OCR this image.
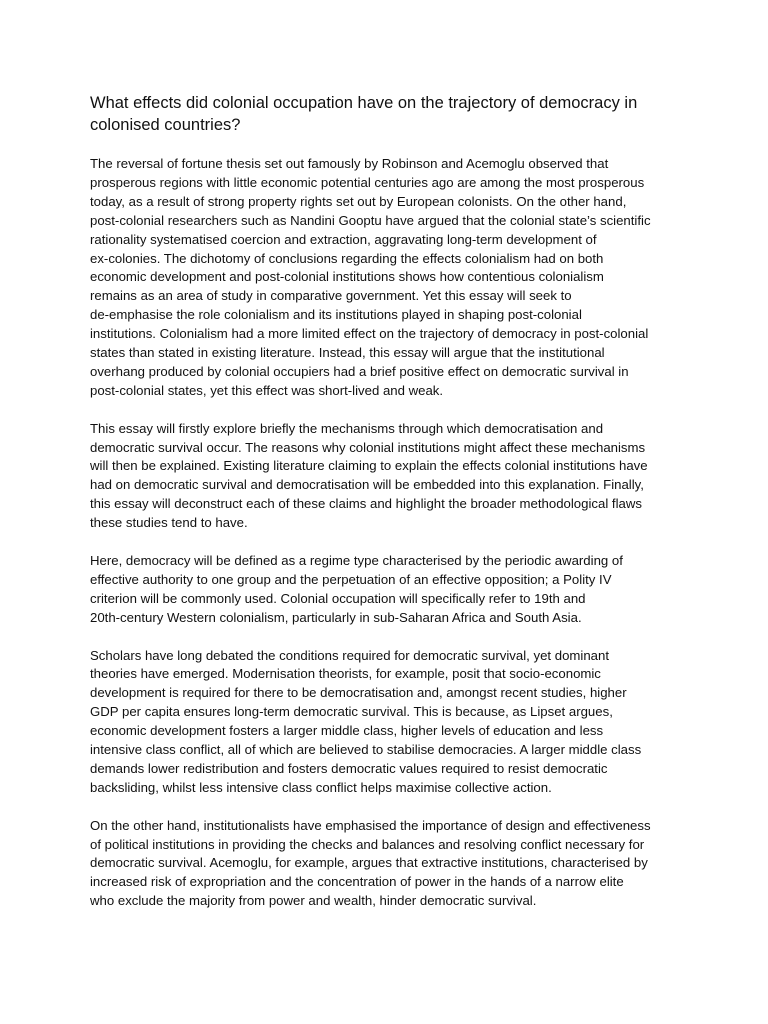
What effects did colonial occupation have on the trajectory of democracy in
colonised countries?

The reversal of fortune thesis set out famously by Robinson and Acemoglu observed that
prosperous regions with little economic potential centuries ago are among the most prosperous
today, as a result of strong property rights set out by European colonists. On the other hand,
post-colonial researchers such as Nandini Gooptu have argued that the colonial state’s scientific
rationality systematised coercion and extraction, aggravating long-term development of
ex-colonies. The dichotomy of conclusions regarding the effects colonialism had on both
economic development and post-colonial institutions shows how contentious colonialism
remains as an area of study in comparative government. Yet this essay will seek to
de-emphasise the role colonialism and its institutions played in shaping post-colonial
institutions. Colonialism had a more limited effect on the trajectory of democracy in post-colonial
states than stated in existing literature. Instead, this essay will argue that the institutional
overhang produced by colonial occupiers had a brief positive effect on democratic survival in
post-colonial states, yet this effect was short-lived and weak.

This essay will firstly explore briefly the mechanisms through which democratisation and
democratic survival occur. The reasons why colonial institutions might affect these mechanisms
will then be explained. Existing literature claiming to explain the effects colonial institutions have
had on democratic survival and democratisation will be embedded into this explanation. Finally,
this essay will deconstruct each of these claims and highlight the broader methodological flaws
these studies tend to have.

Here, democracy will be defined as a regime type characterised by the periodic awarding of
effective authority to one group and the perpetuation of an effective opposition; a Polity IV
criterion will be commonly used. Colonial occupation will specifically refer to 19th and
20th-century Western colonialism, particularly in sub-Saharan Africa and South Asia.

Scholars have long debated the conditions required for democratic survival, yet dominant
theories have emerged. Modernisation theorists, for example, posit that socio-economic
development is required for there to be democratisation and, amongst recent studies, higher
GDP per capita ensures long-term democratic survival. This is because, as Lipset argues,
economic development fosters a larger middle class, higher levels of education and less
intensive class conflict, all of which are believed to stabilise democracies. A larger middle class
demands lower redistribution and fosters democratic values required to resist democratic
backsliding, whilst less intensive class conflict helps maximise collective action.

On the other hand, institutionalists have emphasised the importance of design and effectiveness
of political institutions in providing the checks and balances and resolving conflict necessary for
democratic survival. Acemoglu, for example, argues that extractive institutions, characterised by
increased risk of expropriation and the concentration of power in the hands of a narrow elite
who exclude the majority from power and wealth, hinder democratic survival.
